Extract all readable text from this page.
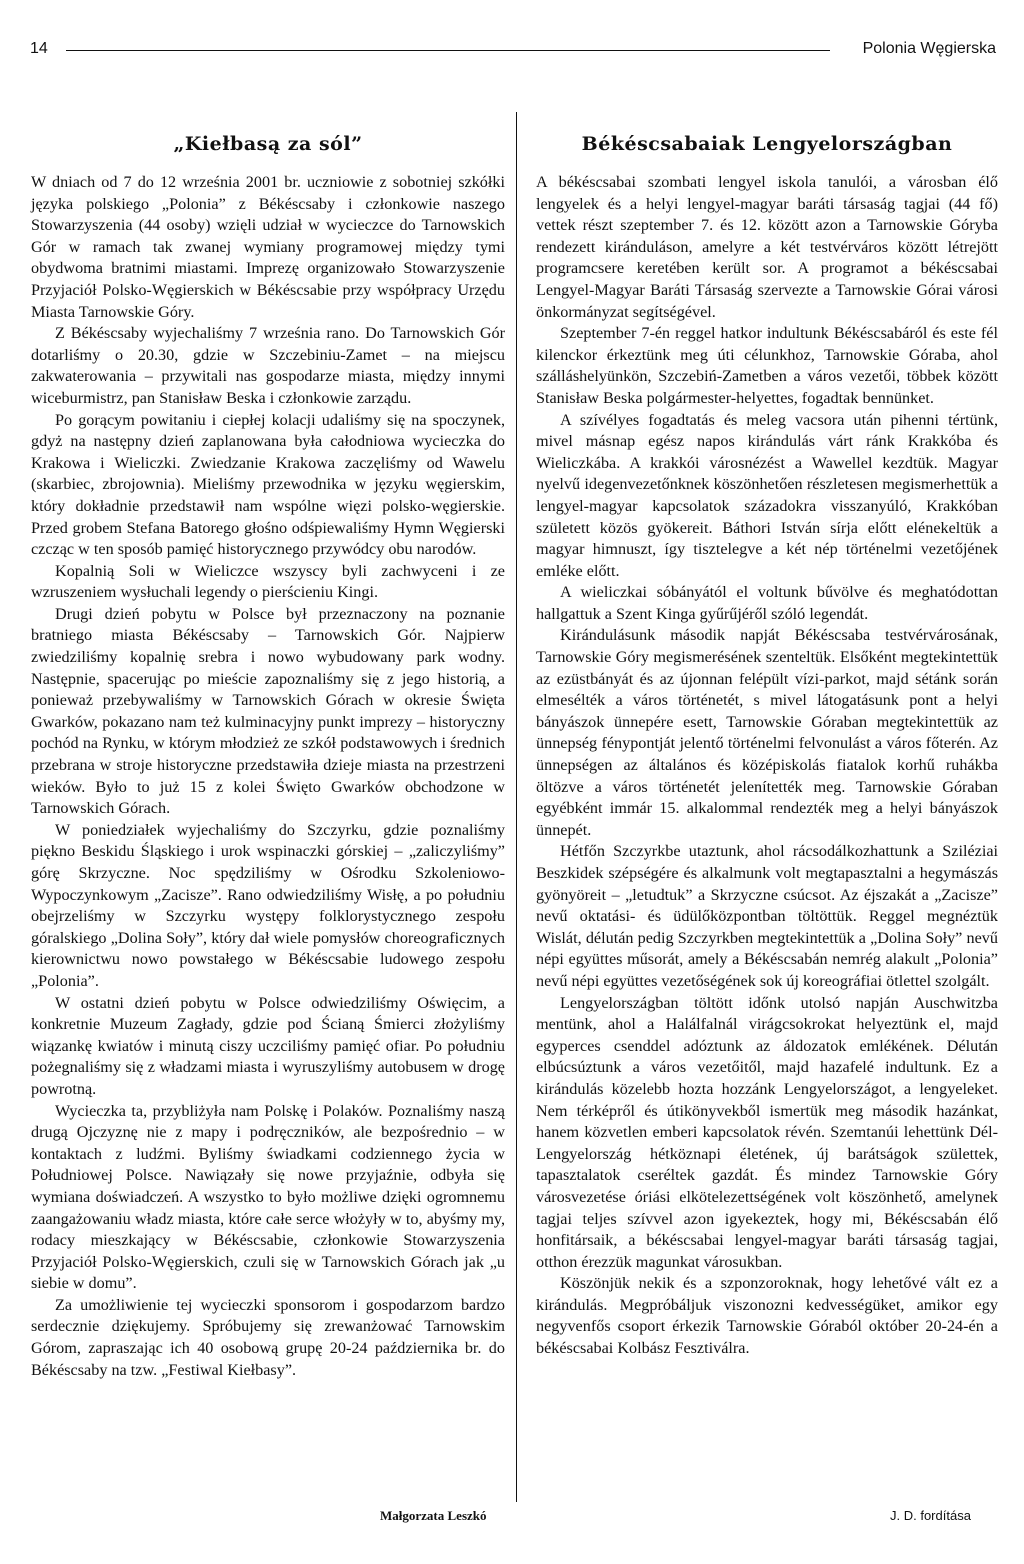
14	Polonia Węgierska
„Kiełbasą za sól”

W dniach od 7 do 12 września 2001 br. uczniowie z sobotniej szkółki języka polskiego „Polonia” z Békéscsaby i członkowie naszego Stowarzyszenia (44 osoby) wzięli udział w wycieczce do Tarnowskich Gór w ramach tak zwanej wymiany programowej między tymi obydwoma bratnimi miastami. Imprezę organizowało Stowarzyszenie Przyjaciół Polsko-Węgierskich w Békéscsabie przy współpracy Urzędu Miasta Tarnowskie Góry.

Z Békéscsaby wyjechaliśmy 7 września rano. Do Tarnowskich Gór dotarliśmy o 20.30, gdzie w Szczebiniu-Zamet – na miejscu zakwaterowania – przywitali nas gospodarze miasta, między innymi wiceburmistrz, pan Stanisław Beska i członkowie zarządu.

Po gorącym powitaniu i ciepłej kolacji udaliśmy się na spoczynek, gdyż na następny dzień zaplanowana była całodniowa wycieczka do Krakowa i Wieliczki. Zwiedzanie Krakowa zaczęliśmy od Wawelu (skarbiec, zbrojownia). Mieliśmy przewodnika w języku węgierskim, który dokładnie przedstawił nam wspólne więzi polsko-węgierskie. Przed grobem Stefana Batorego głośno odśpiewaliśmy Hymn Węgierski czcząc w ten sposób pamięć historycznego przywódcy obu narodów.

Kopalnią Soli w Wieliczce wszyscy byli zachwyceni i ze wzruszeniem wysłuchali legendy o pierścieniu Kingi.

Drugi dzień pobytu w Polsce był przeznaczony na poznanie bratniego miasta Békéscsaby – Tarnowskich Gór. Najpierw zwiedziliśmy kopalnię srebra i nowo wybudowany park wodny. Następnie, spacerując po mieście zapoznaliśmy się z jego historią, a ponieważ przebywaliśmy w Tarnowskich Górach w okresie Święta Gwarków, pokazano nam też kulminacyjny punkt imprezy – historyczny pochód na Rynku, w którym młodzież ze szkół podstawowych i średnich przebrana w stroje historyczne przedstawiła dzieje miasta na przestrzeni wieków. Było to już 15 z kolei Święto Gwarków obchodzone w Tarnowskich Górach.

W poniedziałek wyjechaliśmy do Szczyrku, gdzie poznaliśmy piękno Beskidu Śląskiego i urok wspinaczki górskiej – „zaliczyliśmy” górę Skrzyczne. Noc spędziliśmy w Ośrodku Szkoleniowo-Wypoczynkowym „Zacisze”. Rano odwiedziliśmy Wisłę, a po południu obejrzeliśmy w Szczyrku występy folklorystycznego zespołu góralskiego „Dolina Soły”, który dał wiele pomysłów choreograficznych kierownictwu nowo powstałego w Békéscsabie ludowego zespołu „Polonia”.

W ostatni dzień pobytu w Polsce odwiedziliśmy Oświęcim, a konkretnie Muzeum Zagłady, gdzie pod Ścianą Śmierci złożyliśmy wiązankę kwiatów i minutą ciszy uczciliśmy pamięć ofiar. Po południu pożegnaliśmy się z władzami miasta i wyruszyliśmy autobusem w drogę powrotną.

Wycieczka ta, przybliżyła nam Polskę i Polaków. Poznaliśmy naszą drugą Ojczyznę nie z mapy i podręczników, ale bezpośrednio – w kontaktach z ludźmi. Byliśmy świadkami codziennego życia w Południowej Polsce. Nawiązały się nowe przyjaźnie, odbyła się wymiana doświadczeń. A wszystko to było możliwe dzięki ogromnemu zaangażowaniu władz miasta, które całe serce włożyły w to, abyśmy my, rodacy mieszkający w Békéscsabie, członkowie Stowarzyszenia Przyjaciół Polsko-Węgierskich, czuli się w Tarnowskich Górach jak „u siebie w domu”.

Za umożliwienie tej wycieczki sponsorom i gospodarzom bardzo serdecznie dziękujemy. Spróbujemy się zrewanżować Tarnowskim Górom, zapraszając ich 40 osobową grupę 20-24 października br. do Békéscsaby na tzw. „Festiwal Kiełbasy”.

Małgorzata Leszkó
Békéscsabaiak Lengyelországban

A békéscsabai szombati lengyel iskola tanulói, a városban élő lengyelek és a helyi lengyel-magyar baráti társaság tagjai (44 fő) vettek részt szeptember 7. és 12. között azon a Tarnowskie Góryba rendezett kiránduláson, amelyre a két testvérváros között létrejött programcsere keretében került sor. A programot a békéscsabai Lengyel-Magyar Baráti Társaság szervezte a Tarnowskie Górai városi önkormányzat segítségével.

Szeptember 7-én reggel hatkor indultunk Békéscsabáról és este fél kilenckor érkeztünk meg úti célunkhoz, Tarnowskie Góraba, ahol szálláshelyünkön, Szczebiń-Zametben a város vezetői, többek között Stanisław Beska polgármester-helyettes, fogadtak bennünket.

A szívélyes fogadtatás és meleg vacsora után pihenni tértünk, mivel másnap egész napos kirándulás várt ránk Krakkóba és Wieliczkába. A krakkói városnézést a Wawellel kezdtük. Magyar nyelvű idegenvezetőnknek köszönhetően részletesen megismerhettük a lengyel-magyar kapcsolatok századokra visszanyúló, Krakkóban született közös gyökereit. Báthori István sírja előtt elénekeltük a magyar himnuszt, így tisztelegve a két nép történelmi vezetőjének emléke előtt.

A wieliczkai sóbányától el voltunk bűvölve és meghatódottan hallgattuk a Szent Kinga gyűrűjéről szóló legendát.

Kirándulásunk második napját Békéscsaba testvérvárosának, Tarnowskie Góry megismerésének szenteltük. Elsőként megtekintettük az ezüstbányát és az újonnan felépült vízi-parkot, majd sétánk során elmesélték a város történetét, s mivel látogatásunk pont a helyi bányászok ünnepére esett, Tarnowskie Góraban megtekintettük az ünnepség fénypontját jelentő történelmi felvonulást a város főterén. Az ünnepségen az általános és középiskolás fiatalok korhű ruhákba öltözve a város történetét jelenítették meg. Tarnowskie Góraban egyébként immár 15. alkalommal rendezték meg a helyi bányászok ünnepét.

Hétfőn Szczyrkbe utaztunk, ahol rácsodálkozhattunk a Sziléziai Beszkidek szépségére és alkalmunk volt megtapasztalni a hegymászás gyönyöreit – „letudtuk” a Skrzyczne csúcsot. Az éjszakát a „Zacisze” nevű oktatási- és üdülőközpontban töltöttük. Reggel megnéztük Wislát, délután pedig Szczyrkben megtekintettük a „Dolina Soły” nevű népi együttes műsorát, amely a Békéscsabán nemrég alakult „Polonia” nevű népi együttes vezetőségének sok új koreográfiai ötlettel szolgált.

Lengyelországban töltött időnk utolsó napján Auschwitzba mentünk, ahol a Halálfalnál virágcsokrokat helyeztünk el, majd egyperces csenddel adóztunk az áldozatok emlékének. Délután elbúcsúztunk a város vezetőitől, majd hazafelé indultunk. Ez a kirándulás közelebb hozta hozzánk Lengyelországot, a lengyeleket. Nem térképről és útikönyvekből ismertük meg második hazánkat, hanem közvetlen emberi kapcsolatok révén. Szemtanúi lehettünk Dél-Lengyelország hétköznapi életének, új barátságok születtek, tapasztalatok cseréltek gazdát. És mindez Tarnowskie Góry városvezetése óriási elkötelezettségének volt köszönhető, amelynek tagjai teljes szívvel azon igyekeztek, hogy mi, Békéscsabán élő honfitársaik, a békéscsabai lengyel-magyar baráti társaság tagjai, otthon érezzük magunkat városukban.

Köszönjük nekik és a szponzoroknak, hogy lehetővé vált ez a kirándulás. Megpróbáljuk viszonozni kedvességüket, amikor egy negyvenfős csoport érkezik Tarnowskie Góraból október 20-24-én a békéscsabai Kolbász Fesztiválra.

J. D. fordítása
